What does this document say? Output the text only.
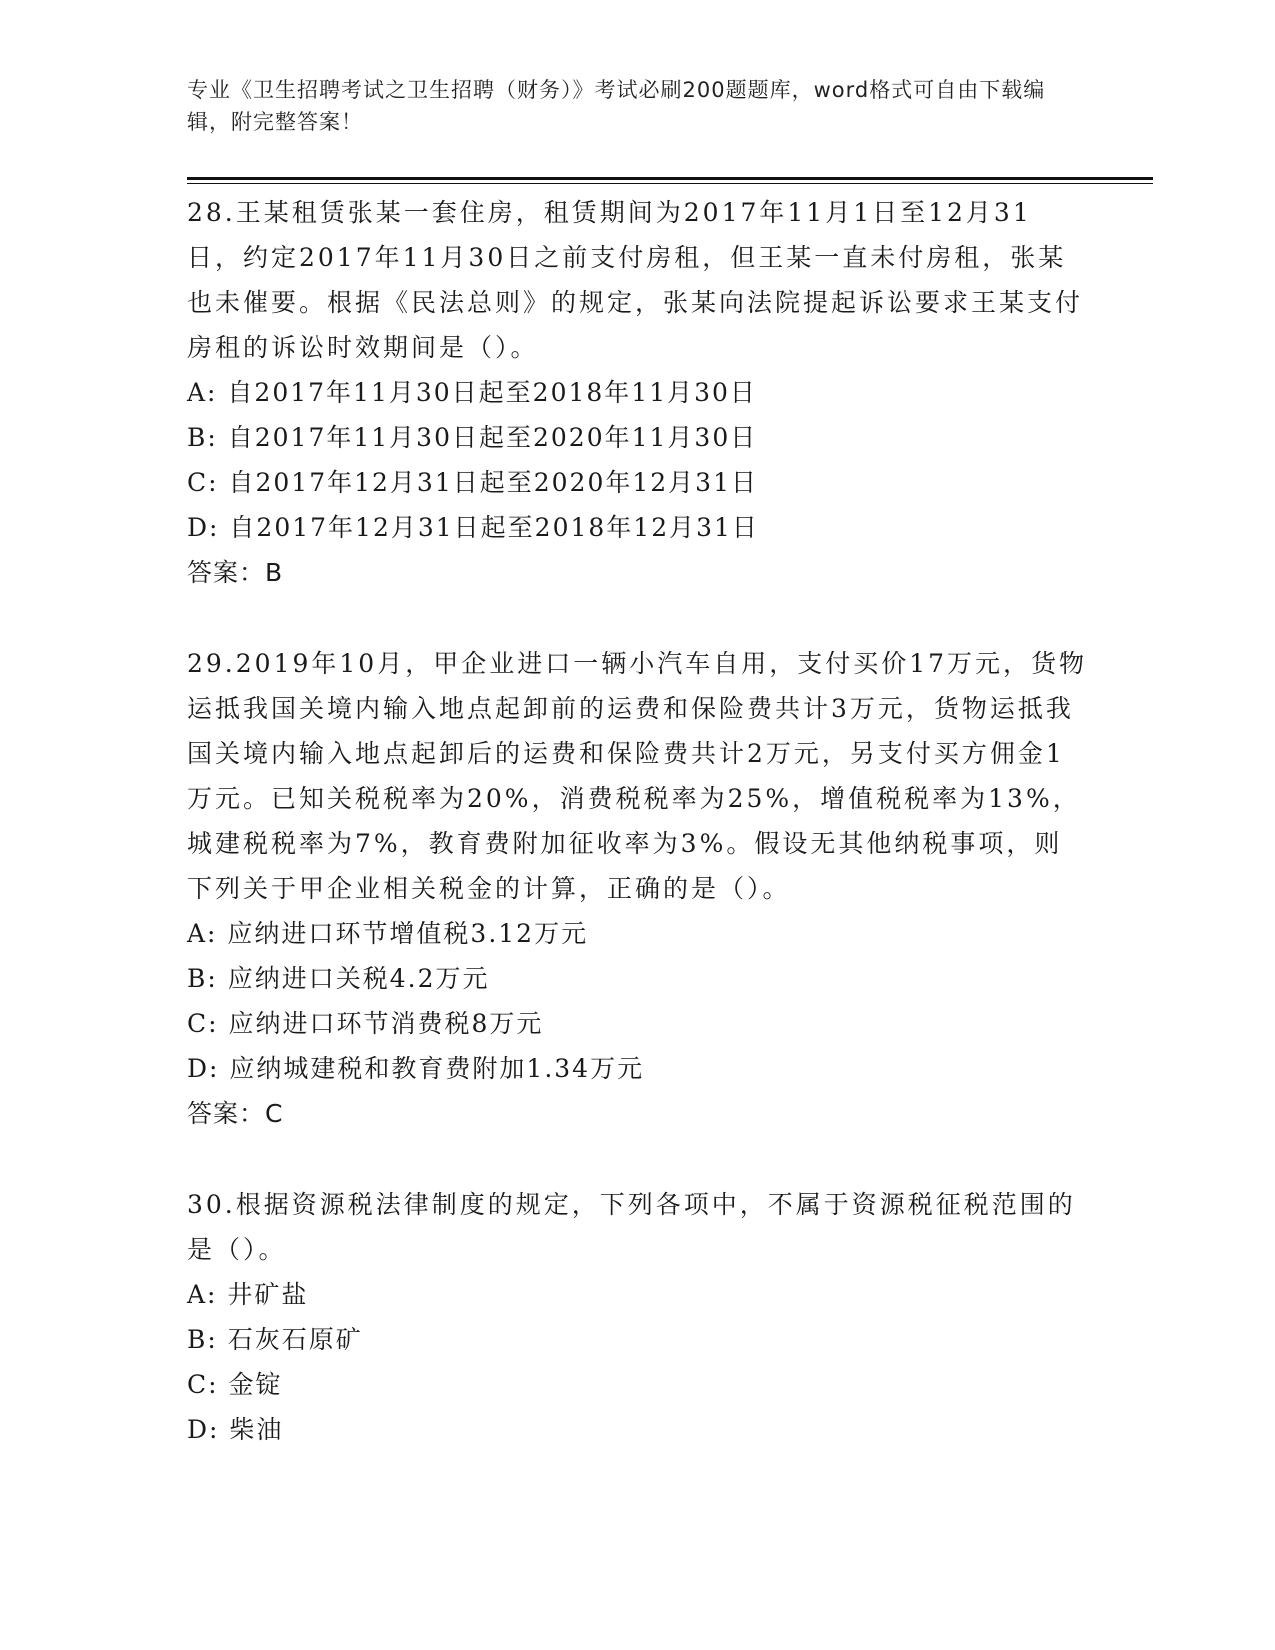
专业《卫生招聘考试之卫生招聘（财务）》考试必刷200题题库，word格式可自由下载编辑，附完整答案！

28.王某租赁张某一套住房，租赁期间为2017年11月1日至12月31日，约定2017年11月30日之前支付房租，但王某一直未付房租，张某也未催要。根据《民法总则》的规定，张某向法院提起诉讼要求王某支付房租的诉讼时效期间是（）。

A: 自2017年11月30日起至2018年11月30日

B: 自2017年11月30日起至2020年11月30日

C: 自2017年12月31日起至2020年12月31日

D: 自2017年12月31日起至2018年12月31日

答案：B

29.2019年10月，甲企业进口一辆小汽车自用，支付买价17万元，货物运抵我国关境内输入地点起卸前的运费和保险费共计3万元，货物运抵我国关境内输入地点起卸后的运费和保险费共计2万元，另支付买方佣金1万元。已知关税税率为20%，消费税税率为25%，增值税税率为13%，城建税税率为7%，教育费附加征收率为3%。假设无其他纳税事项，则下列关于甲企业相关税金的计算，正确的是（）。

A: 应纳进口环节增值税3.12万元

B: 应纳进口关税4.2万元

C: 应纳进口环节消费税8万元

D: 应纳城建税和教育费附加1.34万元

答案：C

30.根据资源税法律制度的规定，下列各项中，不属于资源税征税范围的是（）。

A: 井矿盐

B: 石灰石原矿

C: 金锭

D: 柴油
